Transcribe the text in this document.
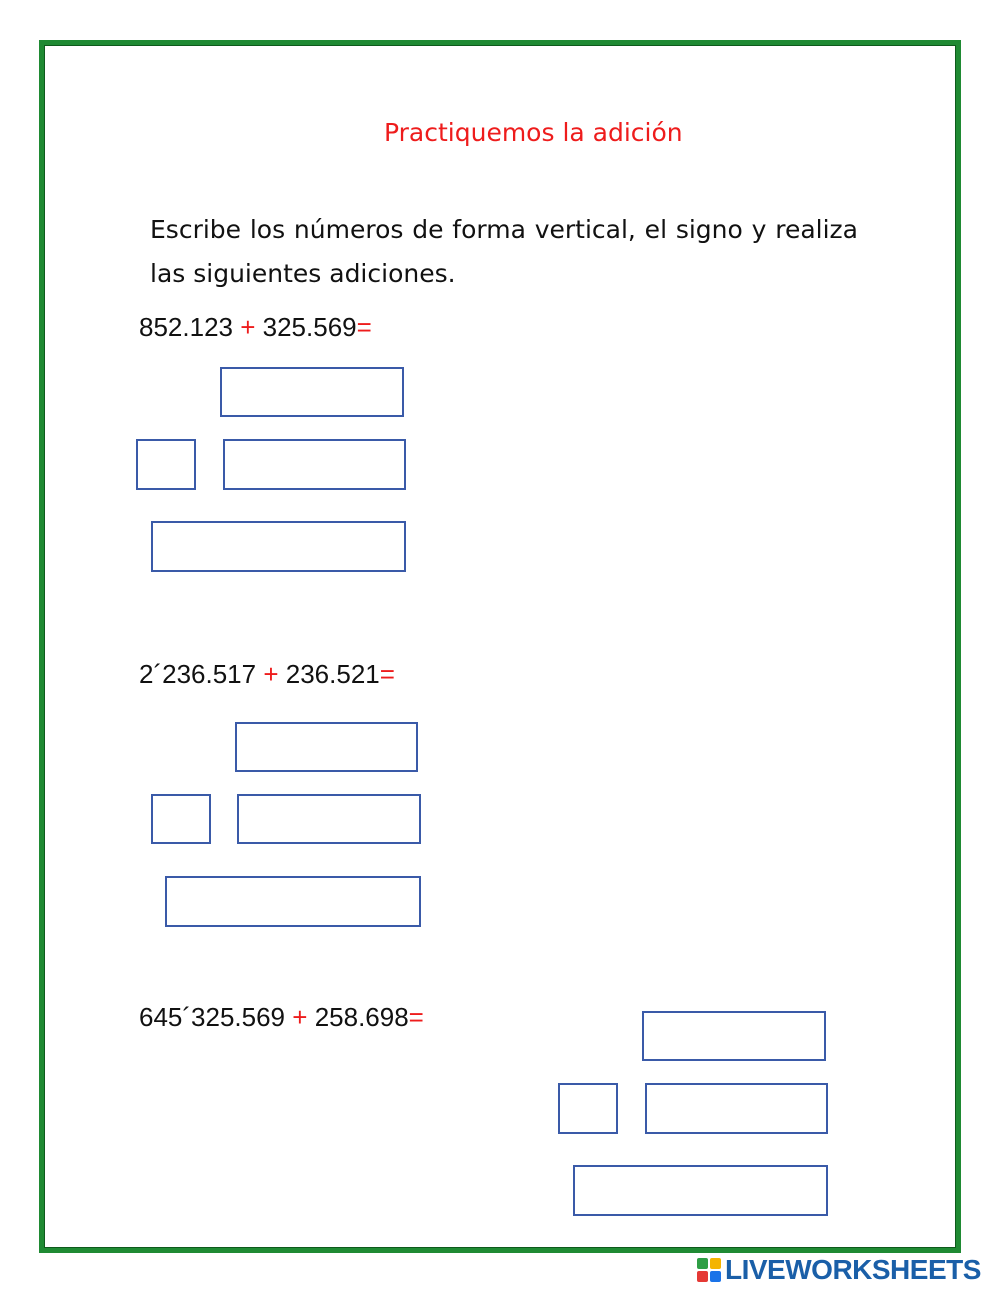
Practiquemos la adición
Escribe los números de forma vertical, el signo y realiza las siguientes adiciones.
852.123 + 325.569=
2´236.517 + 236.521=
645´325.569 + 258.698=
LIVEWORKSHEETS
